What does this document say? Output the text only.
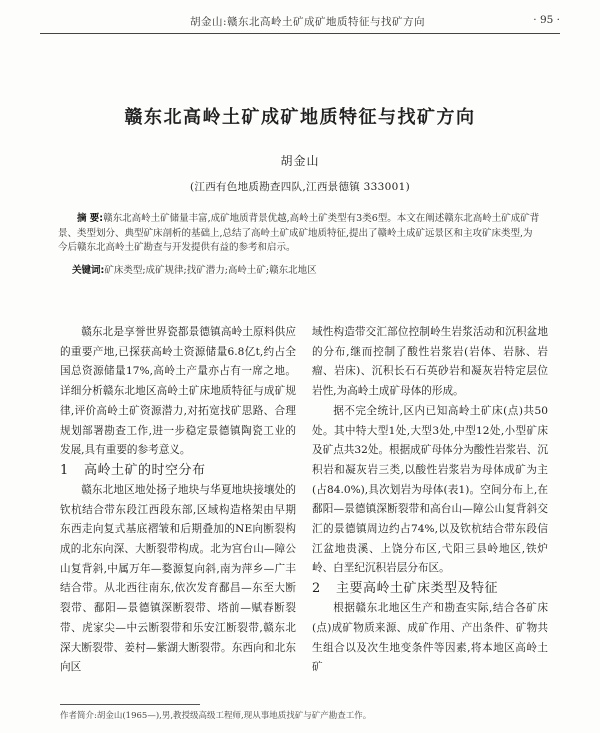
胡金山:赣东北高岭土矿成矿地质特征与找矿方向	· 95 ·
赣东北高岭土矿成矿地质特征与找矿方向
胡金山
(江西有色地质勘查四队,江西景德镇 333001)
摘 要:赣东北高岭土矿储量丰富,成矿地质背景优越,高岭土矿类型有3类6型。本文在阐述赣东北高岭土矿成矿背景、类型划分、典型矿床剖析的基础上,总结了高岭土矿成矿地质特征,提出了赣岭土成矿远景区和主攻矿床类型,为今后赣东北高岭土矿勘查与开发提供有益的参考和启示。
关键词:矿床类型;成矿规律;找矿潜力;高岭土矿;赣东北地区

赣东北是享誉世界瓷都景德镇高岭土原料供应的重要产地,已探获高岭土资源储量6.8亿t,约占全国总资源储量17%,高岭土产量亦占有一席之地。详细分析赣东北地区高岭土矿床地质特征与成矿规律,评价高岭土矿资源潜力,对拓宽找矿思路、合理规划部署勘查工作,进一步稳定景德镇陶瓷工业的发展,具有重要的参考意义。

1 高岭土矿的时空分布

赣东北地区地处扬子地块与华夏地块接壤处的钦杭结合带东段江西段东部,区域构造格架由早期东西走向复式基底褶皱和后期叠加的NE向断裂构成的北东向深、大断裂带构成。北为宫台山—障公山复背斜,中属万年—婺源复向斜,南为萍乡—广丰结合带。从北西往南东,依次发育鄱昌—东至大断裂带、鄱阳—景德镇深断裂带、塔前—赋春断裂带、虎家尖—中云断裂带和乐安江断裂带,赣东北深大断裂带、姜村—紫湖大断裂带。东西向和北东向区

域性构造带交汇部位控制岭生岩浆活动和沉积盆地的分布,继而控制了酸性岩浆岩(岩体、岩脉、岩瘤、岩床)、沉积长石石英砂岩和凝灰岩特定层位岩性,为高岭土成矿母体的形成。

据不完全统计,区内已知高岭土矿床(点)共50处。其中特大型1处,大型3处,中型12处,小型矿床及矿点共32处。根据成矿母体分为酸性岩浆岩、沉积岩和凝灰岩三类,以酸性岩浆岩为母体成矿为主(占84.0%),具次划岩为母体(表1)。空间分布上,在鄱阳—景德镇深断裂带和高台山—障公山复背斜交汇的景德镇周边约占74%,以及钦杭结合带东段信江盆地贵溪、上饶分布区,弋阳三县岭地区,铁炉岭、白垩纪沉积岩层分布区。

2 主要高岭土矿床类型及特征

根据赣东北地区生产和勘查实际,结合各矿床(点)成矿物质来源、成矿作用、产出条件、矿物共生组合以及次生地变条件等因素,将本地区高岭土矿

作者简介:胡金山(1965—),男,教授级高级工程师,现从事地质找矿与矿产勘查工作。
